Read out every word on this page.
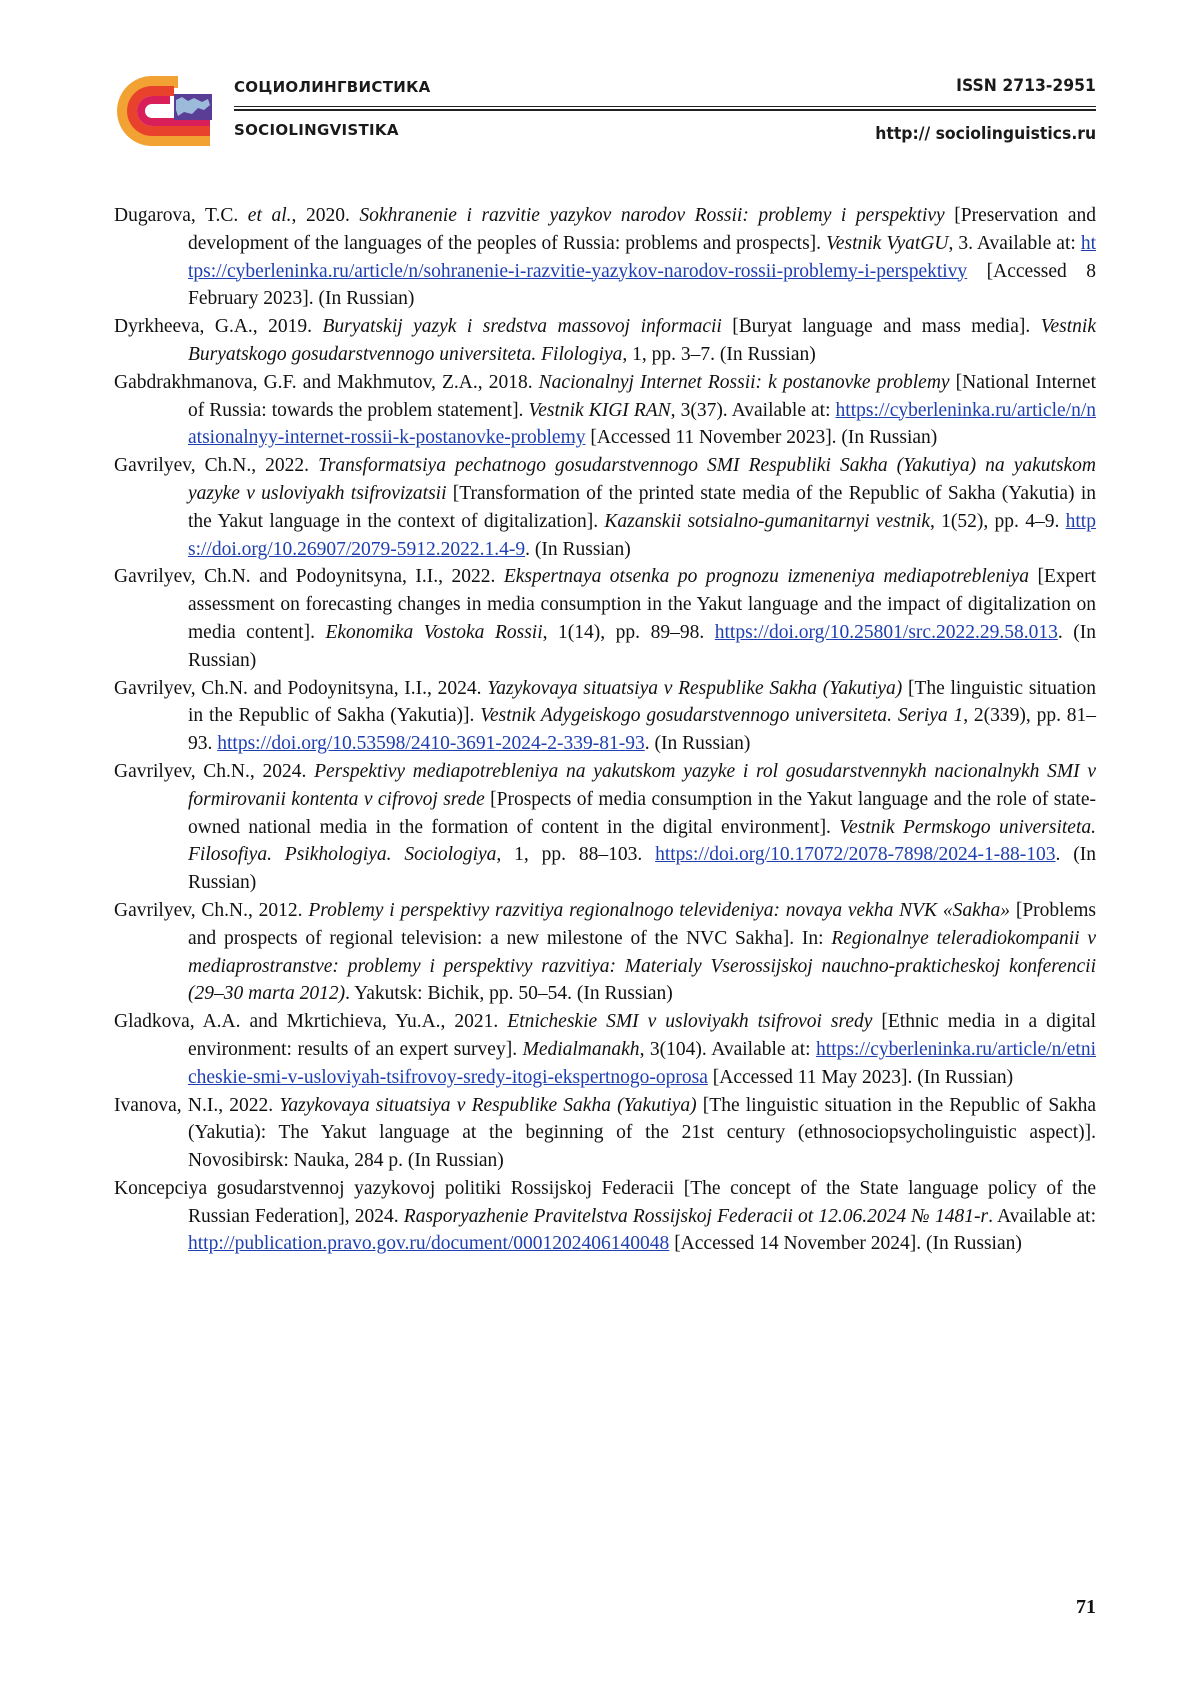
СОЦИОЛИНГВИСТИКА
SOCIOLINGVISTIKA
ISSN 2713-2951
http:// sociolinguistics.ru

Dugarova, T.C. et al., 2020. Sokhranenie i razvitie yazykov narodov Rossii: problemy i perspektivy [Preservation and development of the languages of the peoples of Russia: problems and prospects]. Vestnik VyatGU, 3. Available at: https://cyberleninka.ru/article/n/sohranenie-i-razvitie-yazykov-narodov-rossii-problemy-i-perspektivy [Accessed 8 February 2023]. (In Russian)

Dyrkheeva, G.A., 2019. Buryatskij yazyk i sredstva massovoj informacii [Buryat language and mass media]. Vestnik Buryatskogo gosudarstvennogo universiteta. Filologiya, 1, pp. 3–7. (In Russian)

Gabdrakhmanova, G.F. and Makhmutov, Z.A., 2018. Nacionalnyj Internet Rossii: k postanovke problemy [National Internet of Russia: towards the problem statement]. Vestnik KIGI RAN, 3(37). Available at: https://cyberleninka.ru/article/n/natsionalnyy-internet-rossii-k-postanovke-problemy [Accessed 11 November 2023]. (In Russian)

Gavrilyev, Ch.N., 2022. Transformatsiya pechatnogo gosudarstvennogo SMI Respubliki Sakha (Yakutiya) na yakutskom yazyke v usloviyakh tsifrovizatsii [Transformation of the printed state media of the Republic of Sakha (Yakutia) in the Yakut language in the context of digitalization]. Kazanskii sotsialno-gumanitarnyi vestnik, 1(52), pp. 4–9. https://doi.org/10.26907/2079-5912.2022.1.4-9. (In Russian)

Gavrilyev, Ch.N. and Podoynitsyna, I.I., 2022. Ekspertnaya otsenka po prognozu izmeneniya mediapotrebleniya [Expert assessment on forecasting changes in media consumption in the Yakut language and the impact of digitalization on media content]. Ekonomika Vostoka Rossii, 1(14), pp. 89–98. https://doi.org/10.25801/src.2022.29.58.013. (In Russian)

Gavrilyev, Ch.N. and Podoynitsyna, I.I., 2024. Yazykovaya situatsiya v Respublike Sakha (Yakutiya) [The linguistic situation in the Republic of Sakha (Yakutia)]. Vestnik Adygeiskogo gosudarstvennogo universiteta. Seriya 1, 2(339), pp. 81–93. https://doi.org/10.53598/2410-3691-2024-2-339-81-93. (In Russian)

Gavrilyev, Ch.N., 2024. Perspektivy mediapotrebleniya na yakutskom yazyke i rol gosudarstvennykh nacionalnykh SMI v formirovanii kontenta v cifrovoj srede [Prospects of media consumption in the Yakut language and the role of state-owned national media in the formation of content in the digital environment]. Vestnik Permskogo universiteta. Filosofiya. Psikhologiya. Sociologiya, 1, pp. 88–103. https://doi.org/10.17072/2078-7898/2024-1-88-103. (In Russian)

Gavrilyev, Ch.N., 2012. Problemy i perspektivy razvitiya regionalnogo televideniya: novaya vekha NVK «Sakha» [Problems and prospects of regional television: a new milestone of the NVC Sakha]. In: Regionalnye teleradiokompanii v mediaprostranstve: problemy i perspektivy razvitiya: Materialy Vserossijskoj nauchno-prakticheskoj konferencii (29–30 marta 2012). Yakutsk: Bichik, pp. 50–54. (In Russian)

Gladkova, A.A. and Mkrtichieva, Yu.A., 2021. Etnicheskie SMI v usloviyakh tsifrovoi sredy [Ethnic media in a digital environment: results of an expert survey]. Medialmanakh, 3(104). Available at: https://cyberleninka.ru/article/n/etnicheskie-smi-v-usloviyah-tsifrovoy-sredy-itogi-ekspertnogo-oprosa [Accessed 11 May 2023]. (In Russian)

Ivanova, N.I., 2022. Yazykovaya situatsiya v Respublike Sakha (Yakutiya) [The linguistic situation in the Republic of Sakha (Yakutia): The Yakut language at the beginning of the 21st century (ethnosociopsycholinguistic aspect)]. Novosibirsk: Nauka, 284 p. (In Russian)

Koncepciya gosudarstvennoj yazykovoj politiki Rossijskoj Federacii [The concept of the State language policy of the Russian Federation], 2024. Rasporyazhenie Pravitelstva Rossijskoj Federacii ot 12.06.2024 № 1481-r. Available at: http://publication.pravo.gov.ru/document/0001202406140048 [Accessed 14 November 2024]. (In Russian)

71
